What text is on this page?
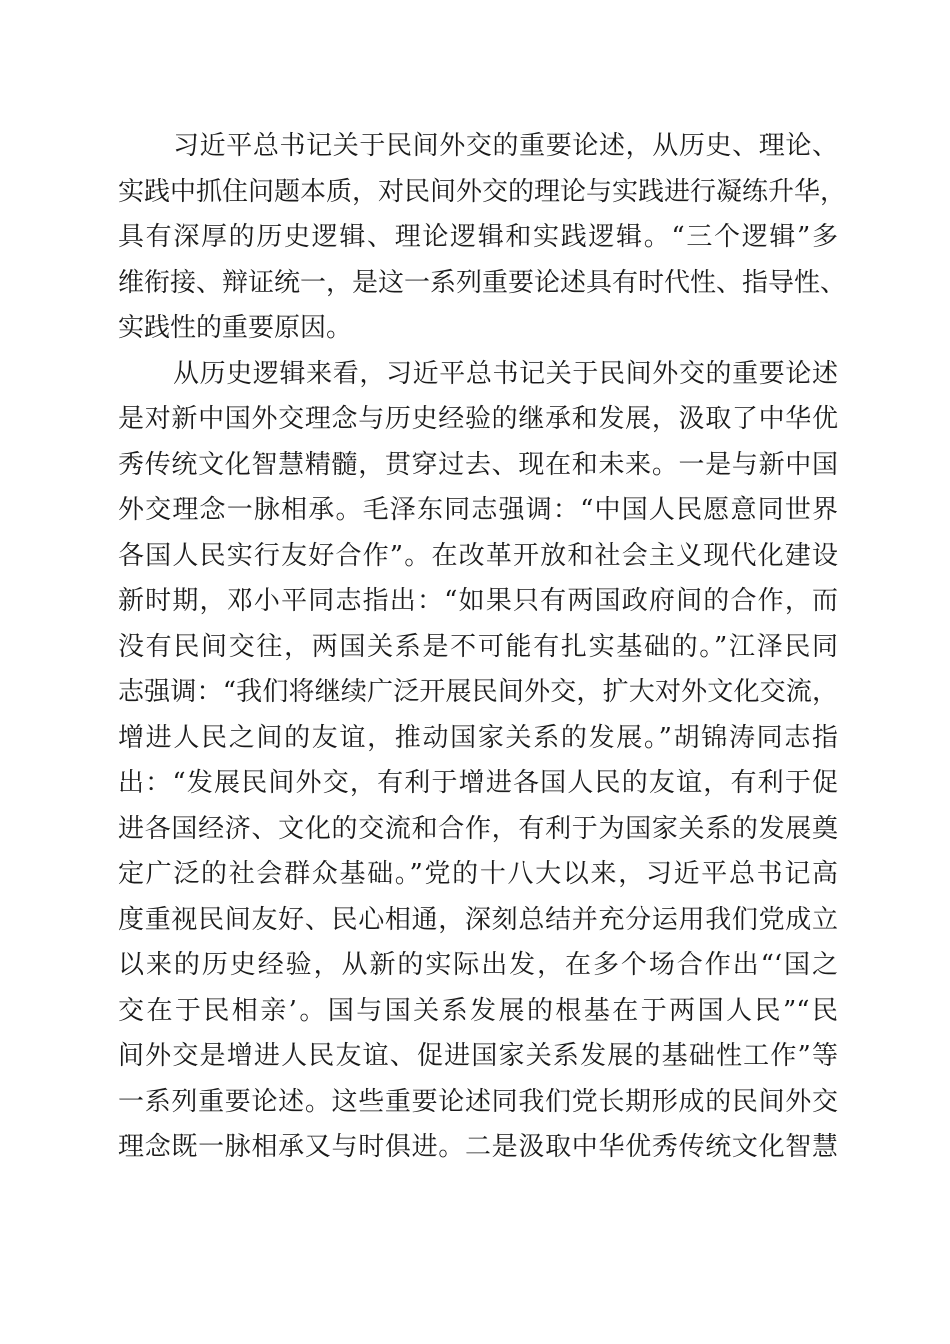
习近平总书记关于民间外交的重要论述，从历史、理论、
实践中抓住问题本质，对民间外交的理论与实践进行凝练升华，
具有深厚的历史逻辑、理论逻辑和实践逻辑。“三个逻辑”多
维衔接、辩证统一，是这一系列重要论述具有时代性、指导性、
实践性的重要原因。
从历史逻辑来看，习近平总书记关于民间外交的重要论述
是对新中国外交理念与历史经验的继承和发展，汲取了中华优
秀传统文化智慧精髓，贯穿过去、现在和未来。一是与新中国
外交理念一脉相承。毛泽东同志强调：“中国人民愿意同世界
各国人民实行友好合作”。在改革开放和社会主义现代化建设
新时期，邓小平同志指出：“如果只有两国政府间的合作，而
没有民间交往，两国关系是不可能有扎实基础的。”江泽民同
志强调：“我们将继续广泛开展民间外交，扩大对外文化交流，
增进人民之间的友谊，推动国家关系的发展。”胡锦涛同志指
出：“发展民间外交，有利于增进各国人民的友谊，有利于促
进各国经济、文化的交流和合作，有利于为国家关系的发展奠
定广泛的社会群众基础。”党的十八大以来，习近平总书记高
度重视民间友好、民心相通，深刻总结并充分运用我们党成立
以来的历史经验，从新的实际出发，在多个场合作出“‘国之
交在于民相亲’。国与国关系发展的根基在于两国人民”“民
间外交是增进人民友谊、促进国家关系发展的基础性工作”等
一系列重要论述。这些重要论述同我们党长期形成的民间外交
理念既一脉相承又与时俱进。二是汲取中华优秀传统文化智慧
